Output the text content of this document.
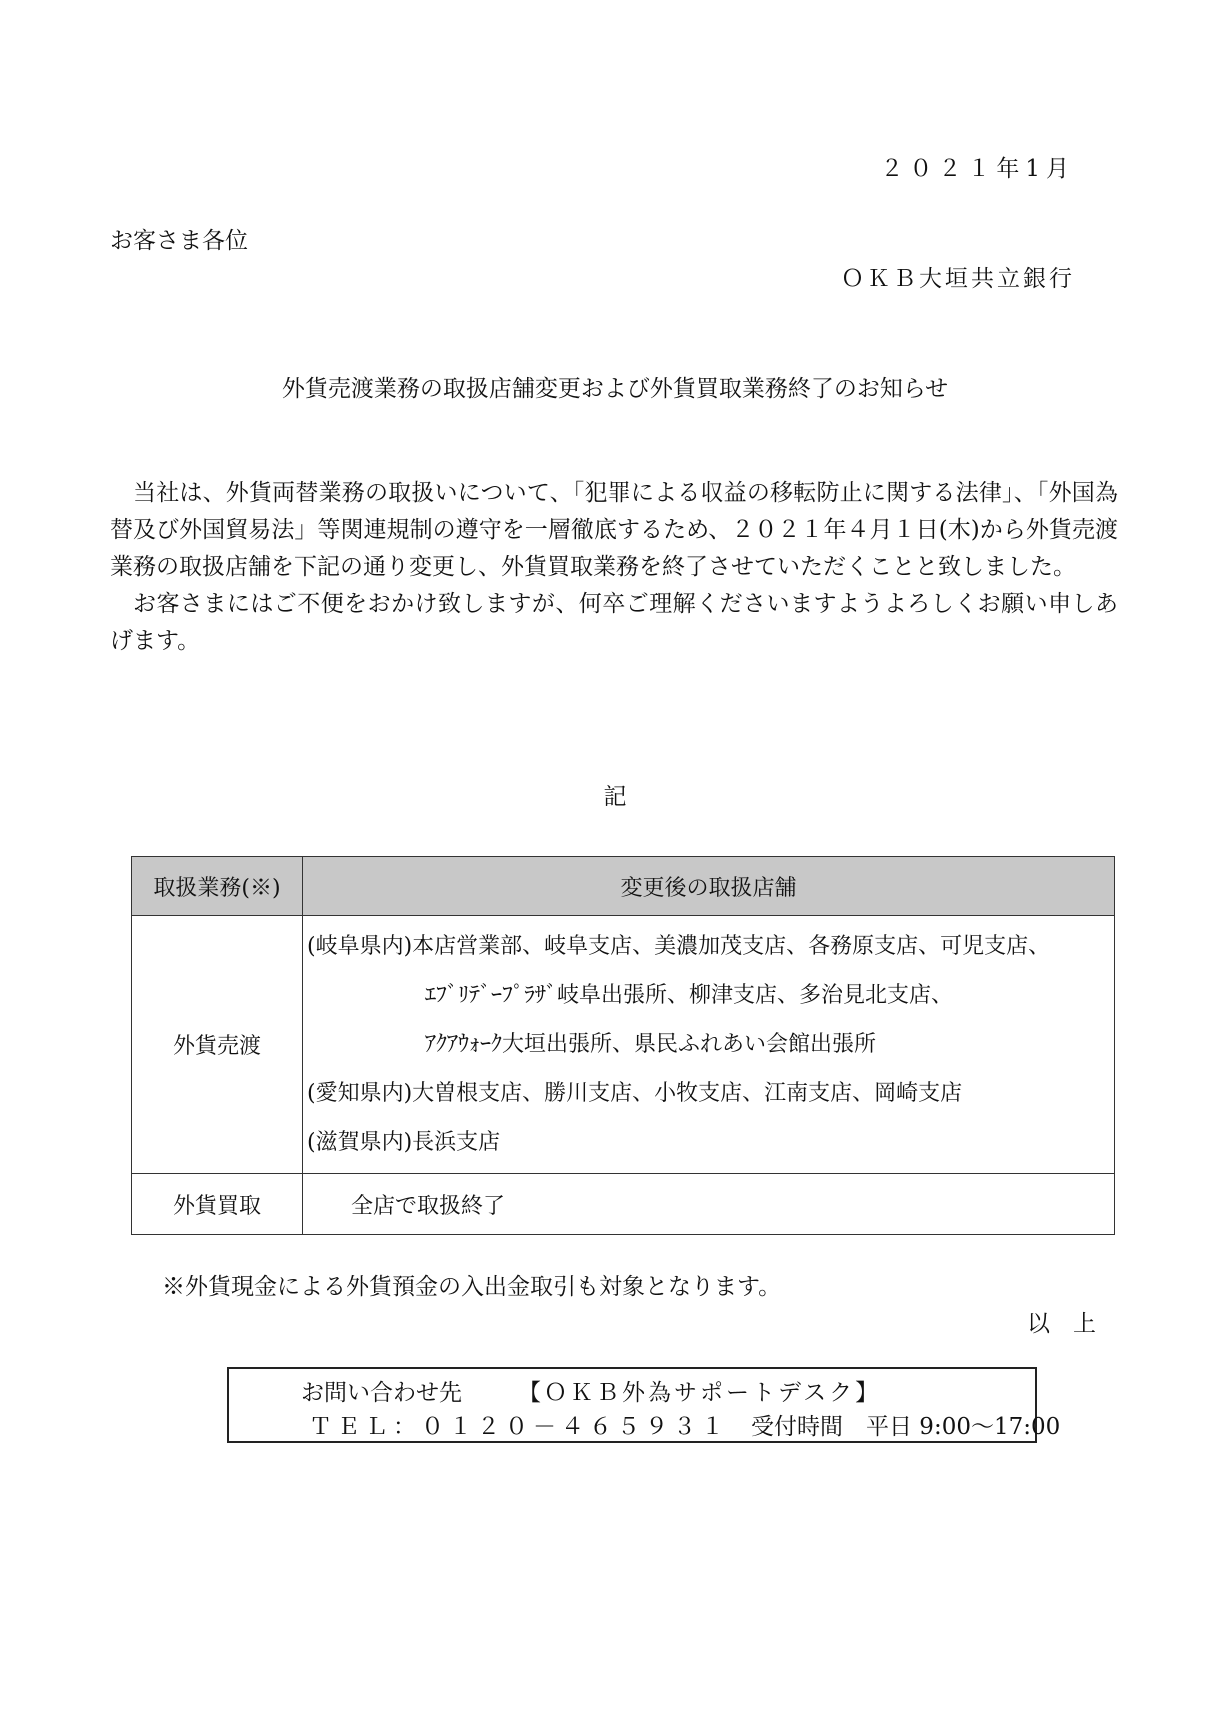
２０２１年1月
お客さま各位
ＯＫＢ大垣共立銀行
外貨売渡業務の取扱店舗変更および外貨買取業務終了のお知らせ

当社は、外貨両替業務の取扱いについて、「犯罪による収益の移転防止に関する法律」、「外国為替及び外国貿易法」等関連規制の遵守を一層徹底するため、２０２１年４月１日(木)から外貨売渡業務の取扱店舗を下記の通り変更し、外貨買取業務を終了させていただくことと致しました。

お客さまにはご不便をおかけ致しますが、何卒ご理解くださいますようよろしくお願い申しあげます。

記
取扱業務(※)	変更後の取扱店舗
外貨売渡	(岐阜県内)本店営業部、岐阜支店、美濃加茂支店、各務原支店、可児支店、
ｴﾌﾞﾘﾃﾞｰﾌﾟﾗｻﾞ岐阜出張所、柳津支店、多治見北支店、
ｱｸｱｳｫｰｸ大垣出張所、県民ふれあい会館出張所
(愛知県内)大曽根支店、勝川支店、小牧支店、江南支店、岡崎支店
(滋賀県内)長浜支店

外貨買取	全店で取扱終了
※外貨現金による外貨預金の入出金取引も対象となります。
以　上
お問い合わせ先 【ＯＫＢ外為サポートデスク】
ＴＥＬ：０１２０－４６５９３１ 受付時間　平日 9:00～17:00
